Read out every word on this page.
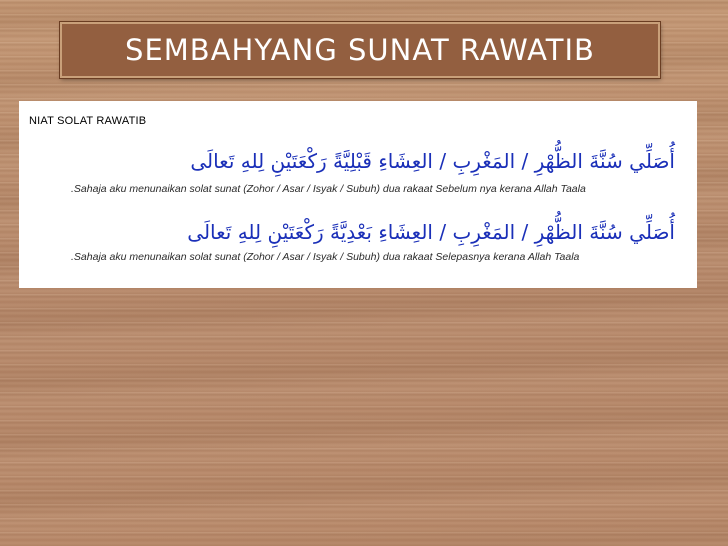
SEMBAHYANG SUNAT RAWATIB
NIAT SOLAT RAWATIB
أُصَلِّي سُنَّةَ الظُّهْرِ / المَغْرِبِ / العِشَاءِ قَبْلِيَّةً رَكْعَتَيْنِ لِلهِ تَعالَى
.Sahaja aku menunaikan solat sunat (Zohor / Asar / Isyak / Subuh) dua rakaat Sebelum nya kerana Allah Taala
أُصَلِّي سُنَّةَ الظُّهْرِ / المَغْرِبِ / العِشَاءِ بَعْدِيَّةً رَكْعَتَيْنِ لِلهِ تَعالَى
.Sahaja aku menunaikan solat sunat (Zohor / Asar / Isyak / Subuh) dua rakaat Selepasnya kerana Allah Taala
